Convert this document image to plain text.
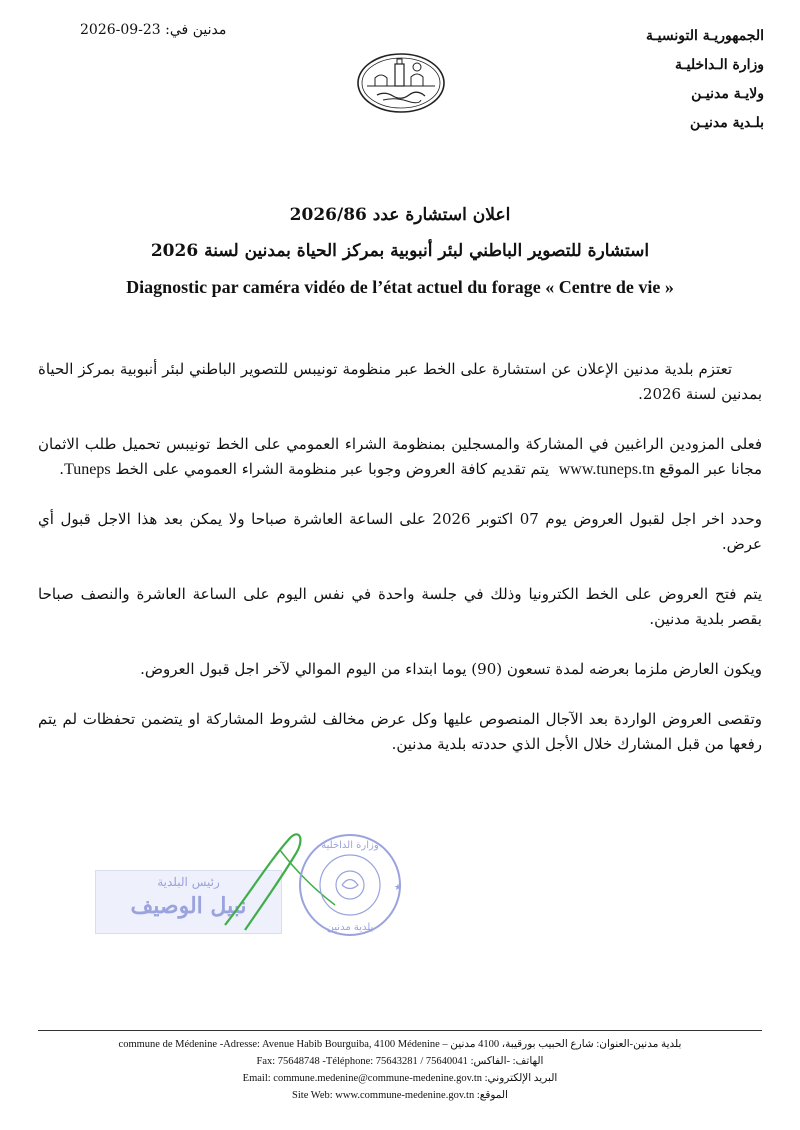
مدنين في: 2026-09-23	الجمهوريـة التونسيـة
وزارة الـداخليـة
ولايـة مدنيـن
بلـدية مدنيـن

اعلان استشارة عدد 2026/86

استشارة للتصوير الباطني لبئر أنبوبية بمركز الحياة بمدنين لسنة 2026

Diagnostic par caméra vidéo de l’état actuel du forage « Centre de vie »

تعتزم بلدية مدنين الإعلان عن استشارة على الخط عبر منظومة تونيبس للتصوير الباطني لبئر أنبوبية بمركز الحياة بمدنين لسنة 2026.

فعلى المزودين الراغبين في المشاركة والمسجلين بمنظومة الشراء العمومي على الخط تونيبس تحميل طلب الاثمان مجانا عبر الموقع www.tuneps.tn  يتم تقديم كافة العروض وجوبا عبر منظومة الشراء العمومي على الخط Tuneps.

وحدد اخر اجل لقبول العروض يوم 07 اكتوبر 2026 على الساعة العاشرة صباحا ولا يمكن بعد هذا الاجل قبول أي عرض.

يتم فتح العروض على الخط الكترونيا وذلك في جلسة واحدة في نفس اليوم على الساعة العاشرة والنصف صباحا بقصر بلدية مدنين.

ويكون العارض ملزما بعرضه لمدة تسعون (90) يوما ابتداء من اليوم الموالي لآخر اجل قبول العروض.

وتقصى العروض الواردة بعد الآجال المنصوص عليها وكل عرض مخالف لشروط المشاركة او يتضمن تحفظات لم يتم رفعها من قبل المشارك خلال الأجل الذي حددته بلدية مدنين.

رئيس البلدية
نبيل الوصيف
وزارة الداخلية
بلدية مدنين
★
commune de Médenine -Adresse: Avenue Habib Bourguiba, 4100 Médenine – بلدية مدنين-العنوان: شارع الحبيب بورقيبة، 4100 مدنين
Fax: 75648748 -Téléphone: 75643281 / 75640041 الهاتف: -الفاكس:
Email: commune.medenine@commune-medenine.gov.tn البريد الإلكتروني:
Site Web: www.commune-medenine.gov.tn الموقع:
